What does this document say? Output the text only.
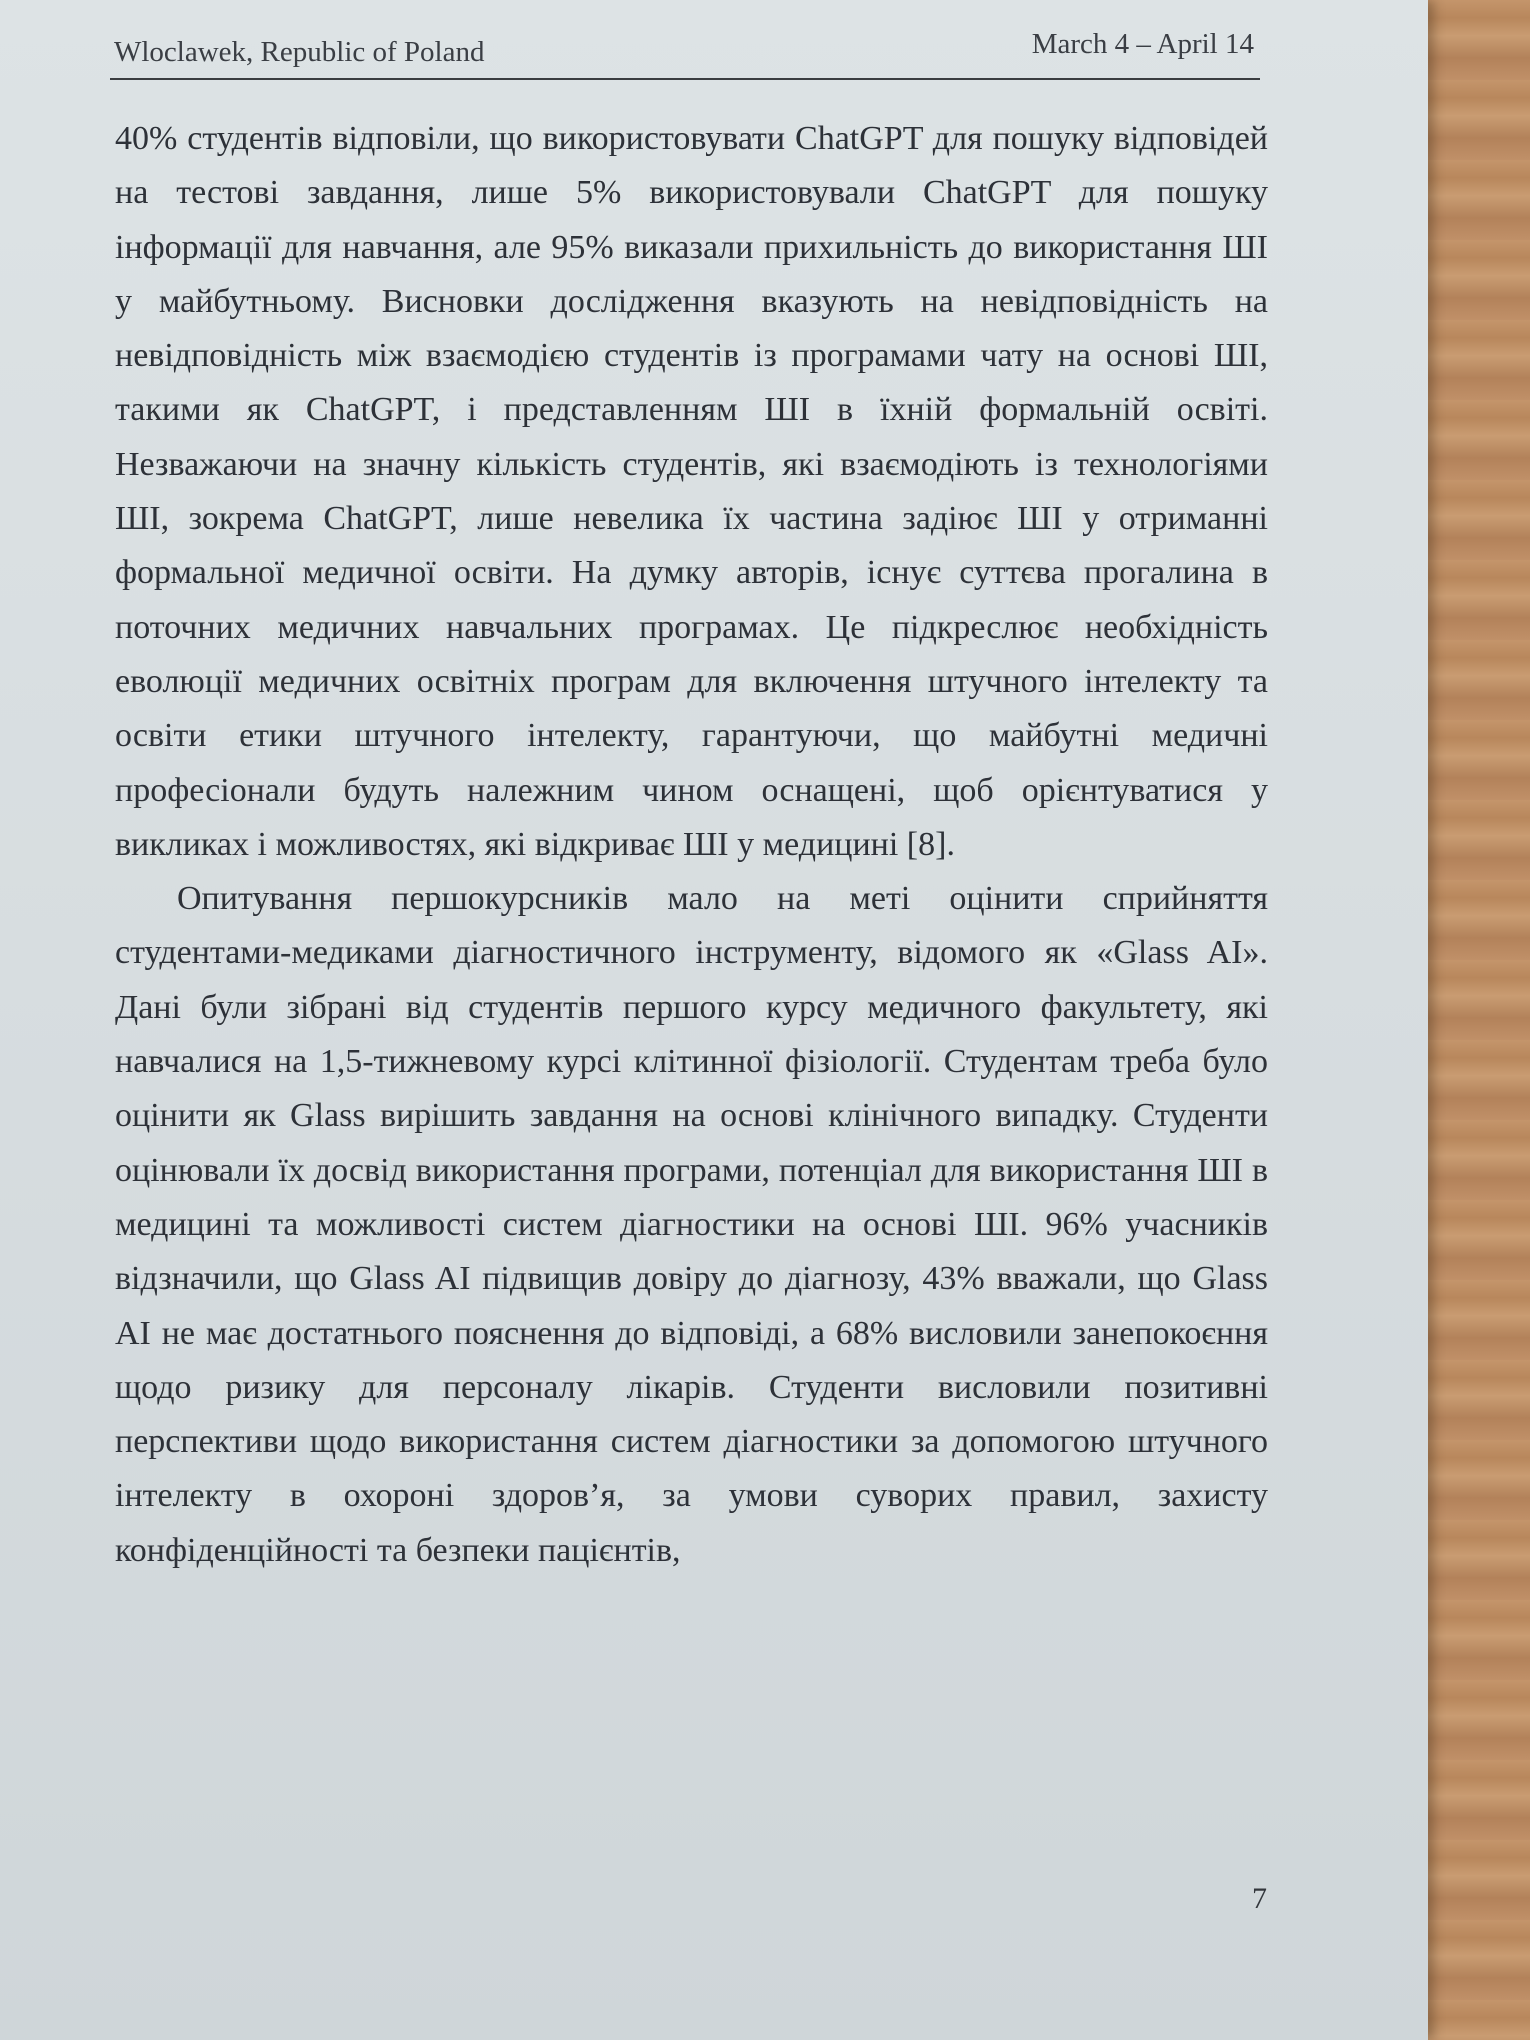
Wloclawek, Republic of Poland	March 4 – April 14

40% студентів відповіли, що використовувати ChatGPT для пошуку відповідей на тестові завдання, лише 5% використовували ChatGPT для пошуку інформації для навчання, але 95% виказали прихильність до використання ШІ у майбутньому. Висновки дослідження вказують на невідповідність на невідповідність між взаємодією студентів із програмами чату на основі ШІ, такими як ChatGPT, і представленням ШІ в їхній формальній освіті. Незважаючи на значну кількість студентів, які взаємодіють із технологіями ШІ, зокрема ChatGPT, лише невелика їх частина задіює ШІ у отриманні формальної медичної освіти. На думку авторів, існує суттєва прогалина в поточних медичних навчальних програмах. Це підкреслює необхідність еволюції медичних освітніх програм для включення штучного інтелекту та освіти етики штучного інтелекту, гарантуючи, що майбутні медичні професіонали будуть належним чином оснащені, щоб орієнтуватися у викликах і можливостях, які відкриває ШІ у медицині [8].

Опитування першокурсників мало на меті оцінити сприйняття студентами-медиками діагностичного інструменту, відомого як «Glass AI». Дані були зібрані від студентів першого курсу медичного факультету, які навчалися на 1,5-тижневому курсі клітинної фізіології. Студентам треба було оцінити як Glass вирішить завдання на основі клінічного випадку. Студенти оцінювали їх досвід використання програми, потенціал для використання ШІ в медицині та можливості систем діагностики на основі ШІ. 96% учасників відзначили, що Glass AI підвищив довіру до діагнозу, 43% вважали, що Glass AI не має достатнього пояснення до відповіді, а 68% висловили занепокоєння щодо ризику для персоналу лікарів. Студенти висловили позитивні перспективи щодо використання систем діагностики за допомогою штучного інтелекту в охороні здоров’я, за умови суворих правил, захисту конфіденційності та безпеки пацієнтів,

7
